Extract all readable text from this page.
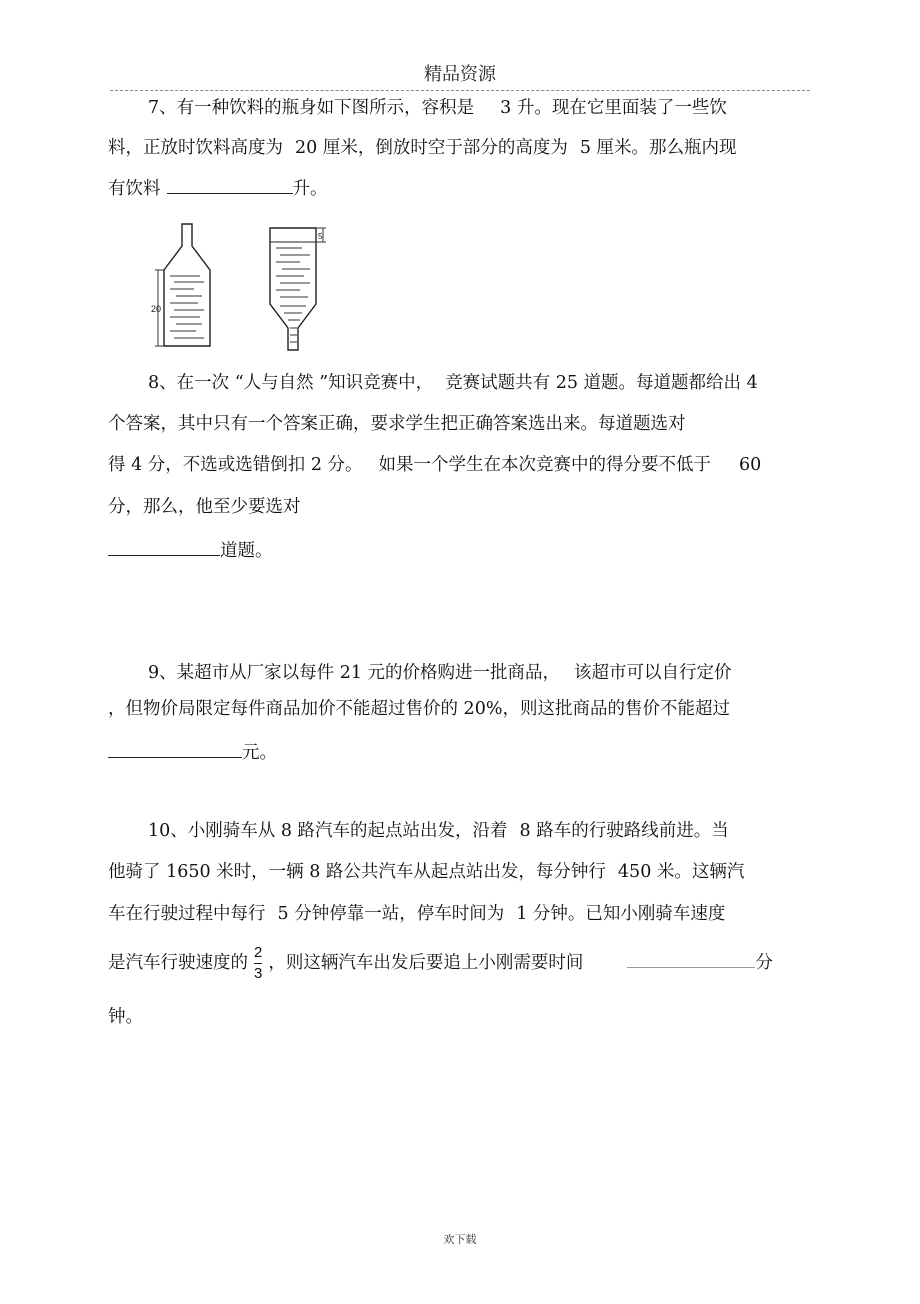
精品资源
7、有一种饮料的瓶身如下图所示，容积是 3 升。现在它里面装了一些饮
料，正放时饮料高度为 20 厘米，倒放时空于部分的高度为 5 厘米。那么瓶内现
有饮料	升。
20
5
8、在一次 “人与自然 ”知识竞赛中， 竞赛试题共有 25 道题。每道题都给出 4
个答案，其中只有一个答案正确，要求学生把正确答案选出来。每道题选对
得 4 分，不选或选错倒扣 2 分。 如果一个学生在本次竞赛中的得分要不低于 60
分，那么，他至少要选对
道题。
9、某超市从厂家以每件 21 元的价格购进一批商品， 该超市可以自行定价
，但物价局限定每件商品加价不能超过售价的 20%，则这批商品的售价不能超过
元。
10、小刚骑车从 8 路汽车的起点站出发，沿着 8 路车的行驶路线前进。当
他骑了 1650 米时，一辆 8 路公共汽车从起点站出发，每分钟行 450 米。这辆汽
车在行驶过程中每行 5 分钟停靠一站，停车时间为 1 分钟。已知小刚骑车速度
是汽车行驶速度的 $\frac{2}{3}$ ，则这辆汽车出发后要追上小刚需要时间	分
钟。
欢下载
